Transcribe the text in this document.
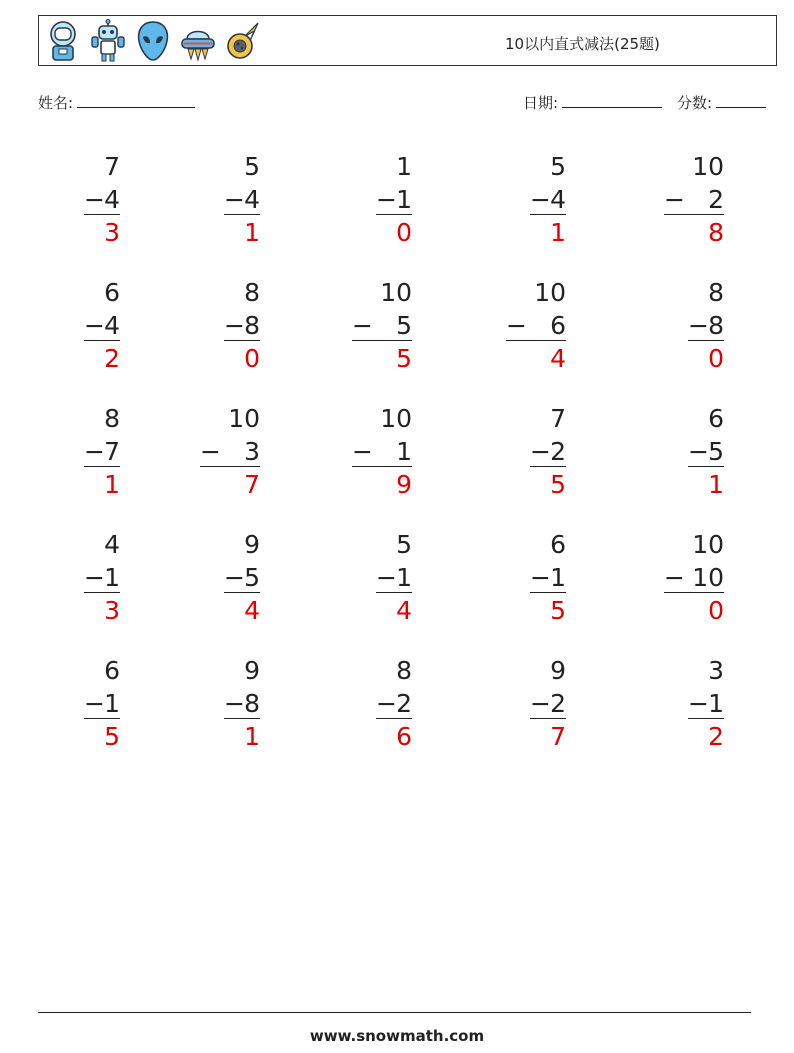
10以内直式减法(25题)
姓名:	日期:	分数:
7
− 4
3
5
− 4
1
1
− 1
0
5
− 4
1
10
− 2
8
6
− 4
2
8
− 8
0
10
− 5
5
10
− 6
4
8
− 8
0
8
− 7
1
10
− 3
7
10
− 1
9
7
− 2
5
6
− 5
1
4
− 1
3
9
− 5
4
5
− 1
4
6
− 1
5
10
− 10
0
6
− 1
5
9
− 8
1
8
− 2
6
9
− 2
7
3
− 1
2
www.snowmath.com
